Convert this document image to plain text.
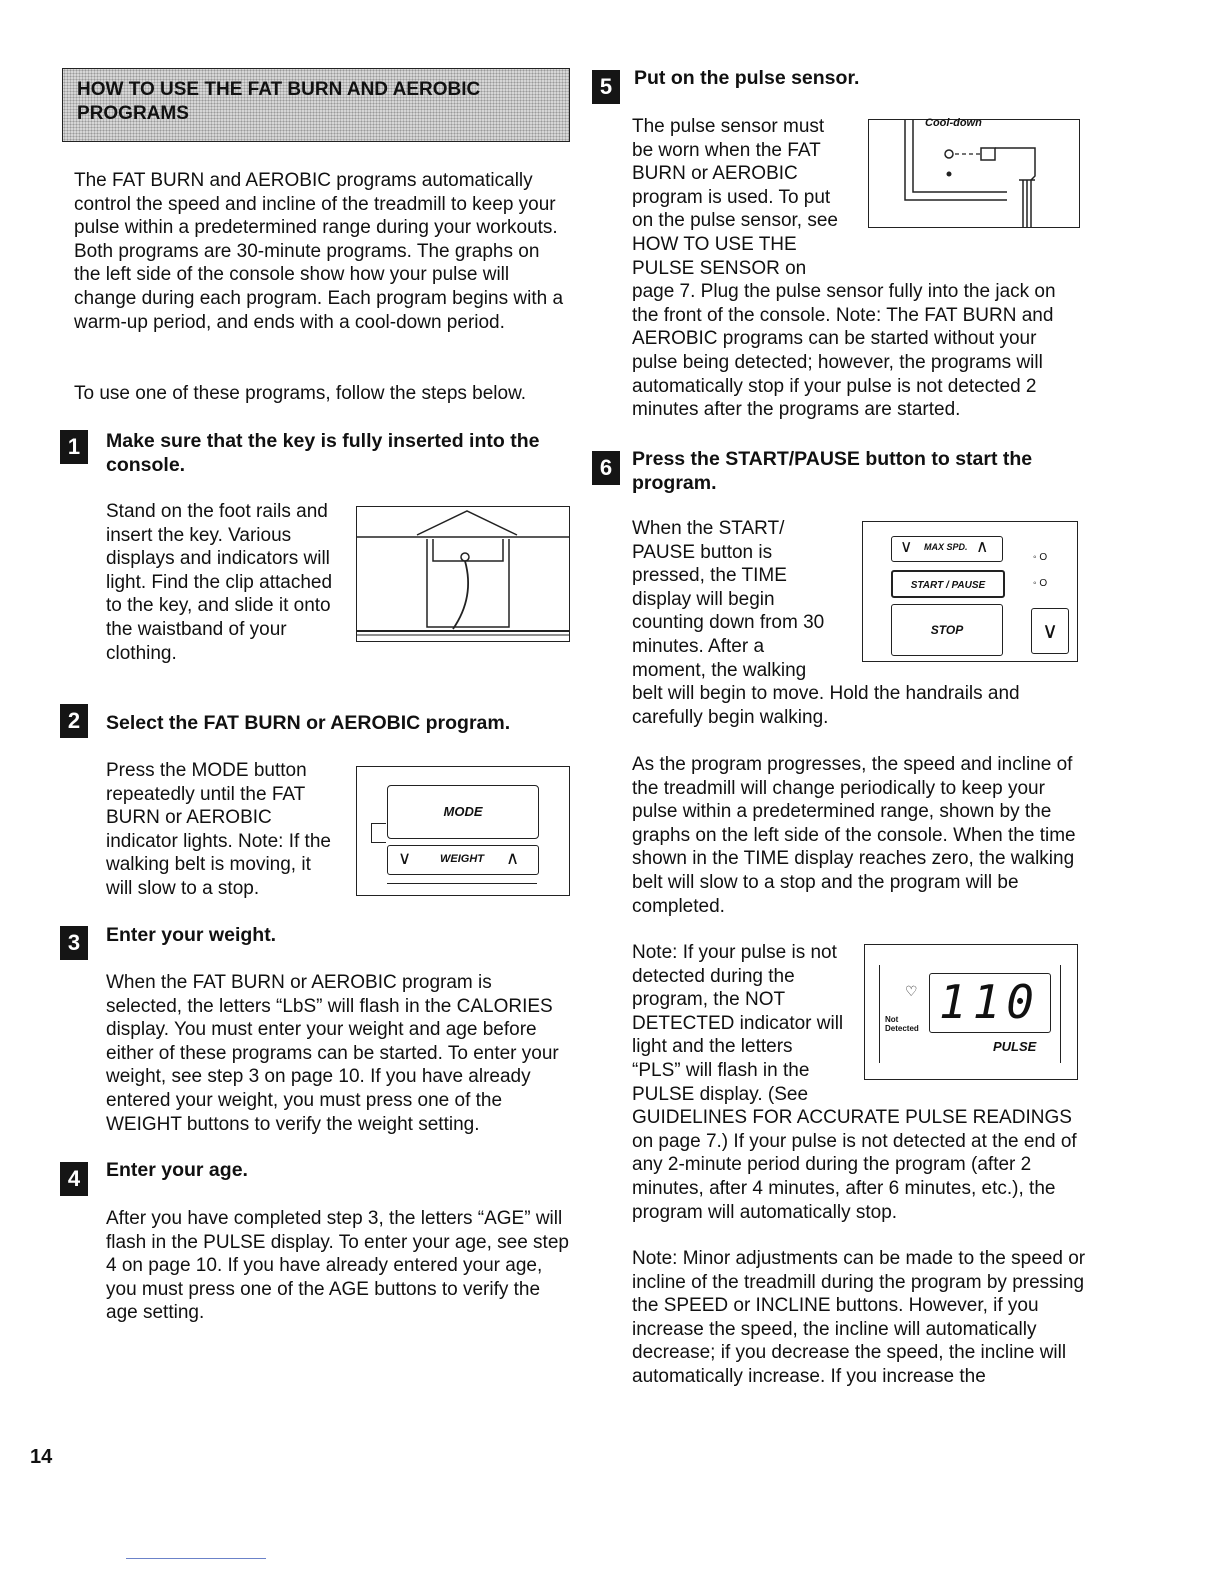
HOW TO USE THE FAT BURN AND AEROBIC PROGRAMS

The FAT BURN and AEROBIC programs automatically control the speed and incline of the treadmill to keep your pulse within a predetermined range during your workouts. Both programs are 30-minute programs. The graphs on the left side of the console show how your pulse will change during each program. Each program begins with a warm-up period, and ends with a cool-down period.

To use one of these programs, follow the steps below.

1	Make sure that the key is fully inserted into the console.

Stand on the foot rails and insert the key. Various displays and indicators will light. Find the clip attached to the key, and slide it onto the waistband of your clothing.

2	Select the FAT BURN or AEROBIC program.

Press the MODE button repeatedly until the FAT BURN or AEROBIC indicator lights. Note: If the walking belt is moving, it will slow to a stop.

MODE
∨	WEIGHT ∧
3	Enter your weight.

When the FAT BURN or AEROBIC program is selected, the letters “LbS” will flash in the CALORIES display. You must enter your weight and age before either of these programs can be started. To enter your weight, see step 3 on page 10. If you have already entered your weight, you must press one of the WEIGHT buttons to verify the weight setting.

4	Enter your age.

After you have completed step 3, the letters “AGE” will flash in the PULSE display. To enter your age, see step 4 on page 10. If you have already entered your age, you must press one of the AGE buttons to verify the age setting.

5	Put on the pulse sensor.

The pulse sensor must be worn when the FAT BURN or AEROBIC program is used. To put on the pulse sensor, see HOW TO USE THE PULSE SENSOR on page 7. Plug the pulse sensor fully into the jack on the front of the console. Note: The FAT BURN and AEROBIC programs can be started without your pulse being detected; however, the programs will automatically stop if your pulse is not detected 2 minutes after the programs are started.

Cool-down
6	Press the START/PAUSE button to start the program.

When the START/ PAUSE button is pressed, the TIME display will begin counting down from 30 minutes. After a moment, the walking belt will begin to move. Hold the handrails and carefully begin walking.

∨ MAX SPD. ∧
START / PAUSE
STOP
◦ O
◦ O
∨

As the program progresses, the speed and incline of the treadmill will change periodically to keep your pulse within a predetermined range, shown by the graphs on the left side of the console. When the time shown in the TIME display reaches zero, the walking belt will slow to a stop and the program will be completed.

Note: If your pulse is not detected during the program, the NOT DETECTED indicator will light and the letters “PLS” will flash in the PULSE display. (See GUIDELINES FOR ACCURATE PULSE READINGS on page 7.) If your pulse is not detected at the end of any 2-minute period during the program (after 2 minutes, after 4 minutes, after 6 minutes, etc.), the program will automatically stop.

110
♡
Not Detected
PULSE

Note: Minor adjustments can be made to the speed or incline of the treadmill during the program by pressing the SPEED or INCLINE buttons. However, if you increase the speed, the incline will automatically decrease; if you decrease the speed, the incline will automatically increase. If you increase the

14
